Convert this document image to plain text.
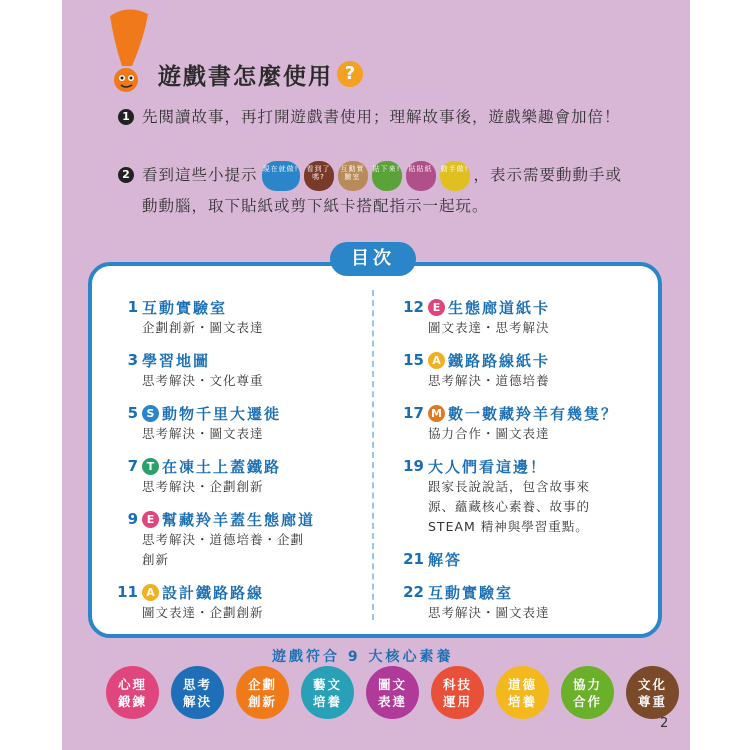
遊戲書怎麼使用 ?
1 先閱讀故事，再打開遊戲書使用；理解故事後，遊戲樂趣會加倍！

2 看到這些小提示 現在就做!	看到了嗎?
互動實驗室
貼下來!	貼貼紙	動手做! ，表示需要動動手或動動腦，取下貼紙或剪下紙卡搭配指示一起玩。

目次
1 互動實驗室
企劃創新・圖文表達
3 學習地圖
思考解決・文化尊重
5 S 動物千里大遷徙
思考解決・圖文表達
7 T 在凍土上蓋鐵路
思考解決・企劃創新
9 E 幫藏羚羊蓋生態廊道
思考解決・道德培養・企劃
創新
11 A 設計鐵路路線
圖文表達・企劃創新
12 E 生態廊道紙卡
圖文表達・思考解決
15 A 鐵路路線紙卡
思考解決・道德培養
17 M 數一數藏羚羊有幾隻？
協力合作・圖文表達
19 大人們看這邊！
跟家長說說話，包含故事來
源、蘊藏核心素養、故事的
STEAM 精神與學習重點。
21 解答
22 互動實驗室
思考解決・圖文表達
遊戲符合 9 大核心素養
心理
鍛鍊
思考
解決
企劃
創新
藝文
培養
圖文
表達
科技
運用
道德
培養
協力
合作
文化
尊重
2
